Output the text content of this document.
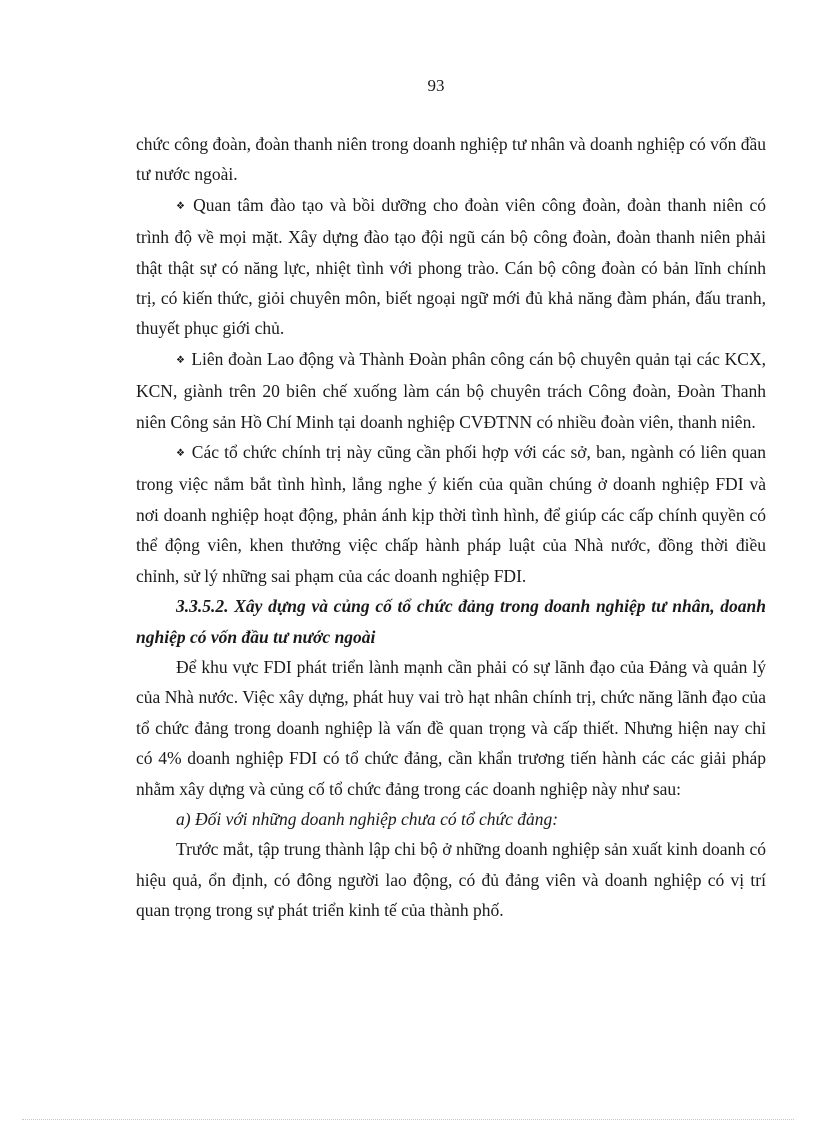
93

chức công đoàn, đoàn thanh niên trong doanh nghiệp tư nhân và doanh nghiệp có vốn đầu tư nước ngoài.

❖ Quan tâm đào tạo và bồi dưỡng cho đoàn viên công đoàn, đoàn thanh niên có trình độ về mọi mặt. Xây dựng đào tạo đội ngũ cán bộ công đoàn, đoàn thanh niên phải thật thật sự có năng lực, nhiệt tình với phong trào. Cán bộ công đoàn có bản lĩnh chính trị, có kiến thức, giỏi chuyên môn, biết ngoại ngữ mới đủ khả năng đàm phán, đấu tranh, thuyết phục giới chủ.

❖ Liên đoàn Lao động và Thành Đoàn phân công cán bộ chuyên quản tại các KCX, KCN, giành trên 20 biên chế xuống làm cán bộ chuyên trách Công đoàn, Đoàn Thanh niên Công sản Hồ Chí Minh tại doanh nghiệp CVĐTNN có nhiều đoàn viên, thanh niên.

❖ Các tổ chức chính trị này cũng cần phối hợp với các sở, ban, ngành có liên quan trong việc nắm bắt tình hình, lắng nghe ý kiến của quần chúng ở doanh nghiệp FDI và nơi doanh nghiệp hoạt động, phản ánh kịp thời tình hình, để giúp các cấp chính quyền có thể động viên, khen thưởng việc chấp hành pháp luật của Nhà nước, đồng thời điều chỉnh, sử lý những sai phạm của các doanh nghiệp FDI.

3.3.5.2. Xây dựng và củng cố tổ chức đảng trong doanh nghiệp tư nhân, doanh nghiệp có vốn đầu tư nước ngoài

Để khu vực FDI phát triển lành mạnh cần phải có sự lãnh đạo của Đảng và quản lý của Nhà nước. Việc xây dựng, phát huy vai trò hạt nhân chính trị, chức năng lãnh đạo của tổ chức đảng trong doanh nghiệp là vấn đề quan trọng và cấp thiết. Nhưng hiện nay chỉ có 4% doanh nghiệp FDI có tổ chức đảng, cần khẩn trương tiến hành các các giải pháp nhằm xây dựng và củng cố tổ chức đảng trong các doanh nghiệp này như sau:

a) Đối với những doanh nghiệp chưa có tổ chức đảng:

Trước mắt, tập trung thành lập chi bộ ở những doanh nghiệp sản xuất kinh doanh có hiệu quả, ổn định, có đông người lao động, có đủ đảng viên và doanh nghiệp có vị trí quan trọng trong sự phát triển kinh tế của thành phố.
